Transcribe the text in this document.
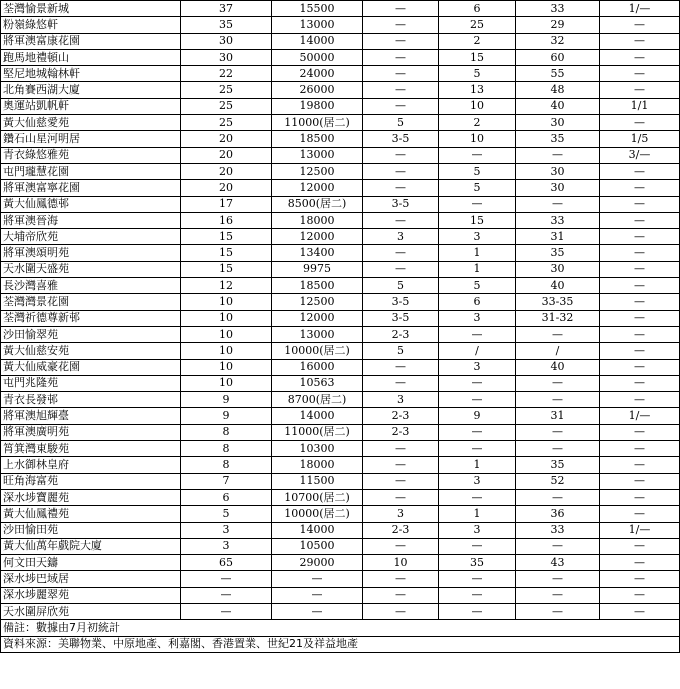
荃灣愉景新城	37	15500	—	6	33	1/—
粉嶺綠悠軒	35	13000	—	25	29	—
將軍澳富康花園	30	14000	—	2	32	—
跑馬地禮頓山	30	50000	—	15	60	—
堅尼地城翰林軒	22	24000	—	5	55	—
北角賽西湖大廈	25	26000	—	13	48	—
奧運站凱帆軒	25	19800	—	10	40	1/1
黃大仙慈愛苑	25	11000(居二)	5	2	30	—
鑽石山星河明居	20	18500	3-5	10	35	1/5
青衣綠悠雅苑	20	13000	—	—	—	3/—
屯門瓏慧花園	20	12500	—	5	30	—
將軍澳富寧花園	20	12000	—	5	30	—
黃大仙鳳德邨	17	8500(居二)	3-5	—	—	—
將軍澳晉海	16	18000	—	15	33	—
大埔帝欣苑	15	12000	3	3	31	—
將軍澳頌明苑	15	13400	—	1	35	—
天水圍天盛苑	15	9975	—	1	30	—
長沙灣喜雅	12	18500	5	5	40	—
荃灣灣景花園	10	12500	3-5	6	33-35	—
荃灣祈德尊新邨	10	12000	3-5	3	31-32	—
沙田愉翠苑	10	13000	2-3	—	—	—
黃大仙慈安苑	10	10000(居二)	5	/	/	—
黃大仙威豪花園	10	16000	—	3	40	—
屯門兆隆苑	10	10563	—	—	—	—
青衣長發邨	9	8700(居二)	3	—	—	—
將軍澳旭輝臺	9	14000	2-3	9	31	1/—
將軍澳廣明苑	8	11000(居二)	2-3	—	—	—
筲箕灣東駿苑	8	10300	—	—	—	—
上水御林皇府	8	18000	—	1	35	—
旺角海富苑	7	11500	—	3	52	—
深水埗寶麗苑	6	10700(居二)	—	—	—	—
黃大仙鳳禮苑	5	10000(居二)	3	1	36	—
沙田愉田苑	3	14000	2-3	3	33	1/—
黃大仙萬年戲院大廈	3	10500	—	—	—	—
何文田天鑄	65	29000	10	35	43	—
深水埗巴域居	—	—	—	—	—	—
深水埗麗翠苑	—	—	—	—	—	—
天水圍屏欣苑	—	—	—	—	—	—
備註：數據由7月初統計						
資料來源：美聯物業、中原地產、利嘉閣、香港置業、世紀21及祥益地產						
